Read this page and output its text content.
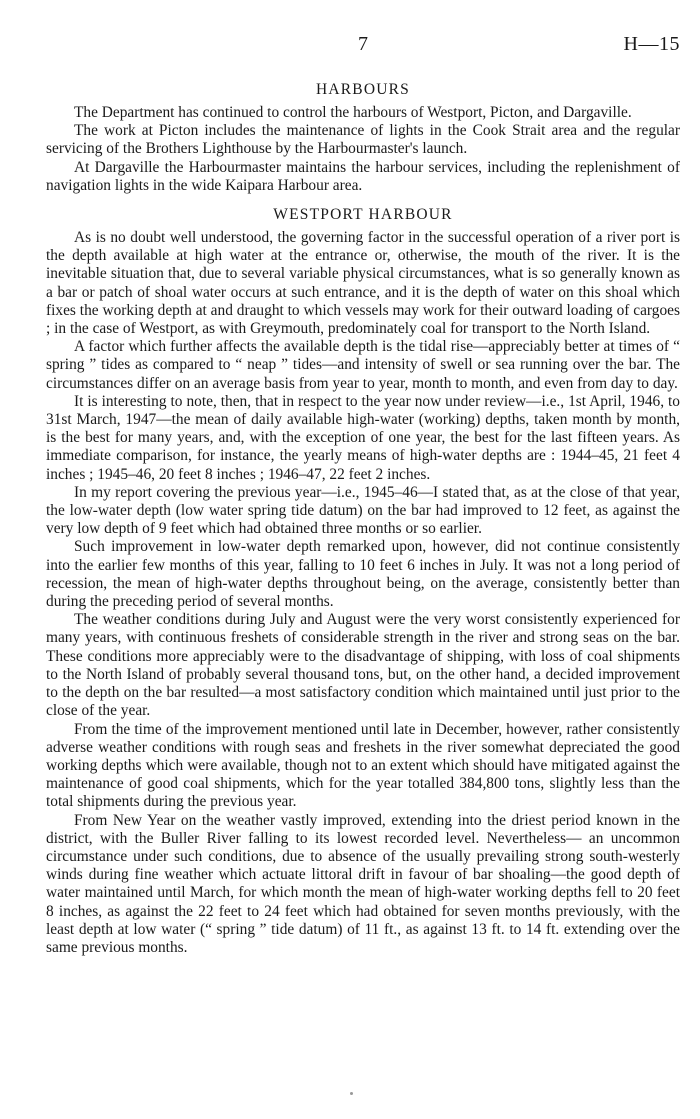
7	H—15
HARBOURS

The Department has continued to control the harbours of Westport, Picton, and Dargaville.

The work at Picton includes the maintenance of lights in the Cook Strait area and the regular servicing of the Brothers Lighthouse by the Harbourmaster's launch.

At Dargaville the Harbourmaster maintains the harbour services, including the replenishment of navigation lights in the wide Kaipara Harbour area.

WESTPORT HARBOUR

As is no doubt well understood, the governing factor in the successful operation of a river port is the depth available at high water at the entrance or, otherwise, the mouth of the river. It is the inevitable situation that, due to several variable physical circumstances, what is so generally known as a bar or patch of shoal water occurs at such entrance, and it is the depth of water on this shoal which fixes the working depth at and draught to which vessels may work for their outward loading of cargoes ; in the case of Westport, as with Greymouth, predominately coal for transport to the North Island.

A factor which further affects the available depth is the tidal rise—appreciably better at times of “ spring ” tides as compared to “ neap ” tides—and intensity of swell or sea running over the bar. The circumstances differ on an average basis from year to year, month to month, and even from day to day.

It is interesting to note, then, that in respect to the year now under review—i.e., 1st April, 1946, to 31st March, 1947—the mean of daily available high-water (working) depths, taken month by month, is the best for many years, and, with the exception of one year, the best for the last fifteen years. As immediate comparison, for instance, the yearly means of high-water depths are : 1944–45, 21 feet 4 inches ; 1945–46, 20 feet 8 inches ; 1946–47, 22 feet 2 inches.

In my report covering the previous year—i.e., 1945–46—I stated that, as at the close of that year, the low-water depth (low water spring tide datum) on the bar had improved to 12 feet, as against the very low depth of 9 feet which had obtained three months or so earlier.

Such improvement in low-water depth remarked upon, however, did not continue consistently into the earlier few months of this year, falling to 10 feet 6 inches in July. It was not a long period of recession, the mean of high-water depths throughout being, on the average, consistently better than during the preceding period of several months.

The weather conditions during July and August were the very worst consistently experienced for many years, with continuous freshets of considerable strength in the river and strong seas on the bar. These conditions more appreciably were to the disadvantage of shipping, with loss of coal shipments to the North Island of probably several thousand tons, but, on the other hand, a decided improvement to the depth on the bar resulted—a most satisfactory condition which maintained until just prior to the close of the year.

From the time of the improvement mentioned until late in December, however, rather consistently adverse weather conditions with rough seas and freshets in the river somewhat depreciated the good working depths which were available, though not to an extent which should have mitigated against the maintenance of good coal shipments, which for the year totalled 384,800 tons, slightly less than the total shipments during the previous year.

From New Year on the weather vastly improved, extending into the driest period known in the district, with the Buller River falling to its lowest recorded level. Nevertheless— an uncommon circumstance under such conditions, due to absence of the usually prevailing strong south-westerly winds during fine weather which actuate littoral drift in favour of bar shoaling—the good depth of water maintained until March, for which month the mean of high-water working depths fell to 20 feet 8 inches, as against the 22 feet to 24 feet which had obtained for seven months previously, with the least depth at low water (“ spring ” tide datum) of 11 ft., as against 13 ft. to 14 ft. extending over the same previous months.
